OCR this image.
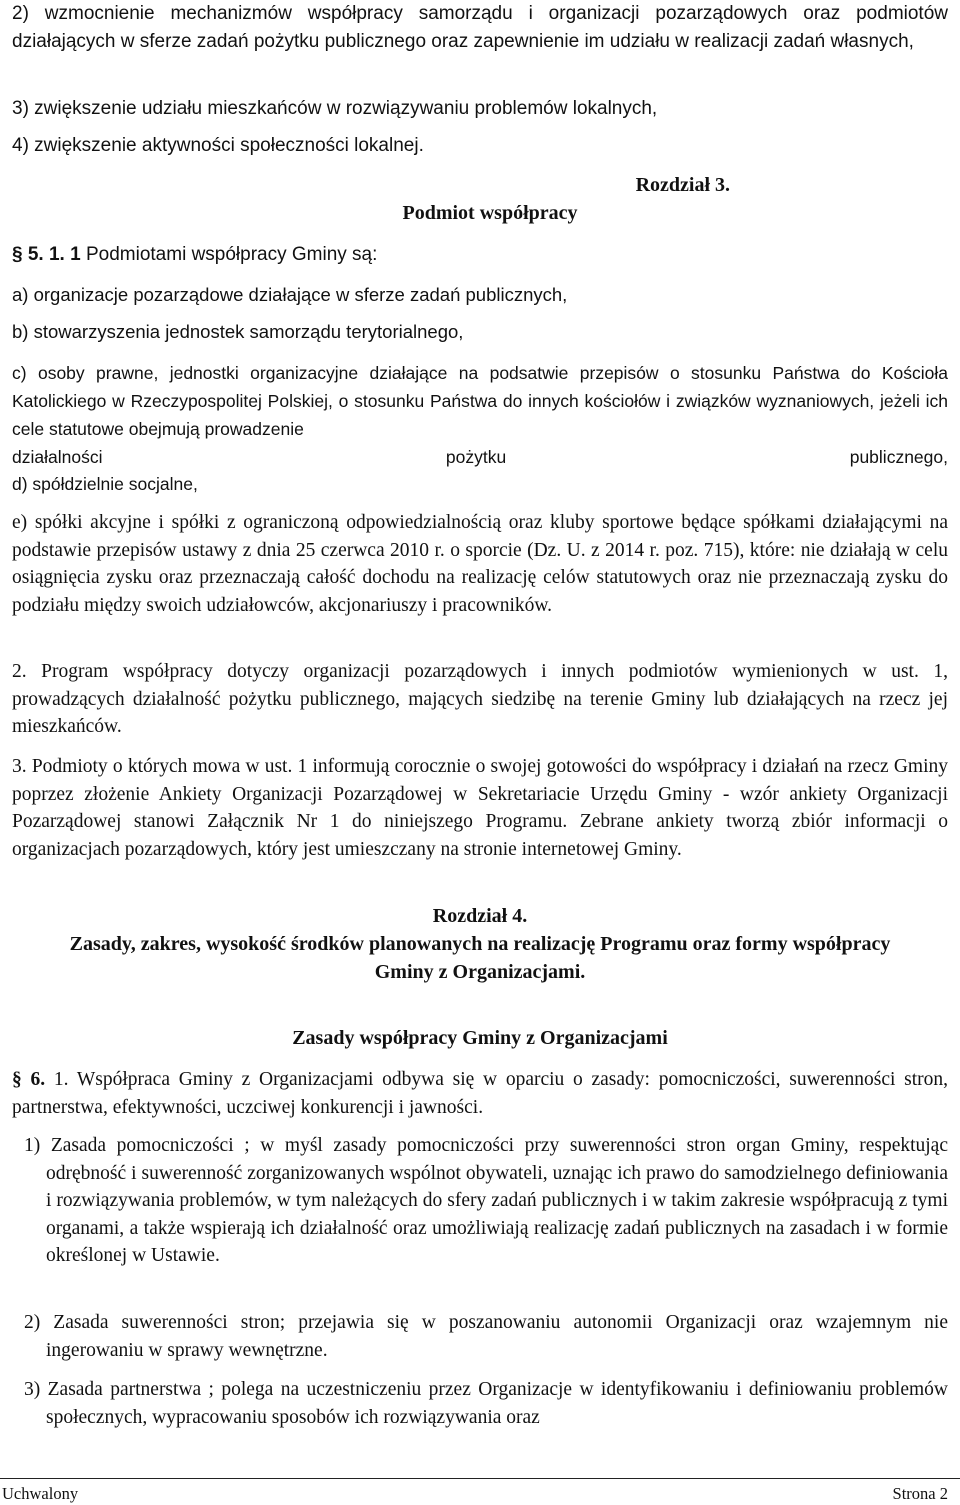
2) wzmocnienie mechanizmów współpracy samorządu i organizacji pozarządowych oraz podmiotów działających w sferze zadań pożytku publicznego oraz zapewnienie im udziału w realizacji zadań własnych,

3) zwiększenie udziału mieszkańców w rozwiązywaniu problemów lokalnych,

4) zwiększenie aktywności społeczności lokalnej.

Rozdział 3.
Podmiot współpracy

§ 5. 1. 1 Podmiotami współpracy Gminy są:

a) organizacje pozarządowe działające w sferze zadań publicznych,

b) stowarzyszenia jednostek samorządu terytorialnego,

c) osoby prawne, jednostki organizacyjne działające na podsatwie przepisów o stosunku Państwa do Kościoła Katolickiego w Rzeczypospolitej Polskiej, o stosunku Państwa do innych kościołów i związków wyznaniowych, jeżeli ich cele statutowe obejmują prowadzenie

działalności pożytku publicznego,

d) spółdzielnie socjalne,

e) spółki akcyjne i spółki z ograniczoną odpowiedzialnością oraz kluby sportowe będące spółkami działającymi na podstawie przepisów ustawy z dnia 25 czerwca 2010 r. o sporcie (Dz. U. z 2014 r. poz. 715), które: nie działają w celu osiągnięcia zysku oraz przeznaczają całość dochodu na realizację celów statutowych oraz nie przeznaczają zysku do podziału między swoich udziałowców, akcjonariuszy i pracowników.

2. Program współpracy dotyczy organizacji pozarządowych i innych podmiotów wymienionych w ust. 1, prowadzących działalność pożytku publicznego, mających siedzibę na terenie Gminy lub działających na rzecz jej mieszkańców.

3. Podmioty o których mowa w ust. 1 informują corocznie o swojej gotowości do współpracy i działań na rzecz Gminy poprzez złożenie Ankiety Organizacji Pozarządowej w Sekretariacie Urzędu Gminy - wzór ankiety Organizacji Pozarządowej stanowi Załącznik Nr 1 do niniejszego Programu. Zebrane ankiety tworzą zbiór informacji o organizacjach pozarządowych, który jest umieszczany na stronie internetowej Gminy.

Rozdział 4.
Zasady, zakres, wysokość środków planowanych na realizację Programu oraz formy współpracy Gminy z Organizacjami.
Zasady współpracy Gminy z Organizacjami

§ 6. 1. Współpraca Gminy z Organizacjami odbywa się w oparciu o zasady: pomocniczości, suwerenności stron, partnerstwa, efektywności, uczciwej konkurencji i jawności.

1) Zasada pomocniczości ; w myśl zasady pomocniczości przy suwerenności stron organ Gminy, respektując odrębność i suwerenność zorganizowanych wspólnot obywateli, uznając ich prawo do samodzielnego definiowania i rozwiązywania problemów, w tym należących do sfery zadań publicznych i w takim zakresie współpracują z tymi organami, a także wspierają ich działalność oraz umożliwiają realizację zadań publicznych na zasadach i w formie określonej w Ustawie.

2) Zasada suwerenności stron; przejawia się w poszanowaniu autonomii Organizacji oraz wzajemnym nie ingerowaniu w sprawy wewnętrzne.

3) Zasada partnerstwa ; polega na uczestniczeniu przez Organizacje w identyfikowaniu i definiowaniu problemów społecznych, wypracowaniu sposobów ich rozwiązywania oraz

Uchwalony	Strona 2
